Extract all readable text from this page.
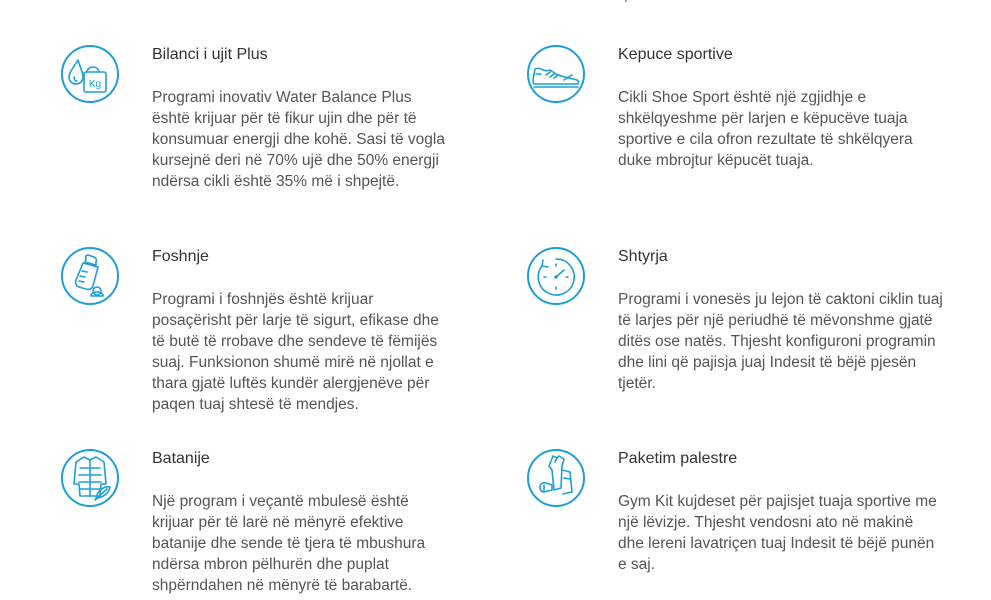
Kg
Bilanci i ujit Plus
Programi inovativ Water Balance Plus është krijuar për të fikur ujin dhe për të konsumuar energji dhe kohë. Sasi të vogla kursejnë deri në 70% ujë dhe 50% energji ndërsa cikli është 35% më i shpejtë.
Kepuce sportive
Cikli Shoe Sport është një zgjidhje e shkëlqyeshme për larjen e këpucëve tuaja sportive e cila ofron rezultate të shkëlqyera duke mbrojtur këpucët tuaja.
Foshnje
Programi i foshnjës është krijuar posaçërisht për larje të sigurt, efikase dhe të butë të rrobave dhe sendeve të fëmijës suaj. Funksionon shumë mirë në njollat e thara gjatë luftës kundër alergjenëve për paqen tuaj shtesë të mendjes.
Shtyrja
Programi i vonesës ju lejon të caktoni ciklin tuaj të larjes për një periudhë të mëvonshme gjatë ditës ose natës. Thjesht konfiguroni programin dhe lini që pajisja juaj Indesit të bëjë pjesën tjetër.
Batanije
Një program i veçantë mbulesë është krijuar për të larë në mënyrë efektive batanije dhe sende të tjera të mbushura ndërsa mbron pëlhurën dhe puplat shpërndahen në mënyrë të barabartë.
Paketim palestre
Gym Kit kujdeset për pajisjet tuaja sportive me një lëvizje. Thjesht vendosni ato në makinë dhe lereni lavatriçen tuaj Indesit të bëjë punën e saj.
